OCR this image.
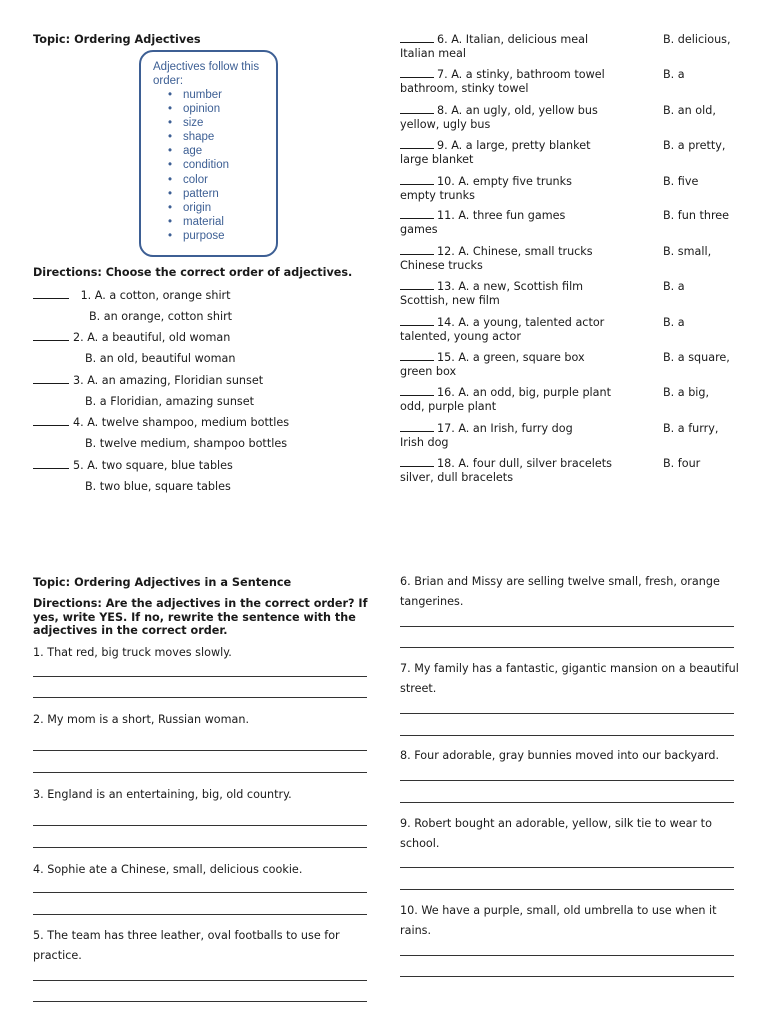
Topic: Ordering Adjectives
Adjectives follow this order:
• number
• opinion
• size
• shape
• age
• condition
• color
• pattern
• origin
• material
• purpose
Directions: Choose the correct order of adjectives.
1. A. a cotton, orange shirt
B. an orange, cotton shirt
2. A. a beautiful, old woman
B. an old, beautiful woman
3. A. an amazing, Floridian sunset
B. a Floridian, amazing sunset
4. A. twelve shampoo, medium bottles
B. twelve medium, shampoo bottles
5. A. two square, blue tables
B. two blue, square tables
6. A. Italian, delicious meal
Italian meal
B. delicious,
7. A. a stinky, bathroom towel
bathroom, stinky towel
B. a
8. A. an ugly, old, yellow bus
yellow, ugly bus
B. an old,
9. A. a large, pretty blanket
large blanket
B. a pretty,
10. A. empty five trunks
empty trunks
B. five
11. A. three fun games
games
B. fun three
12. A. Chinese, small trucks
Chinese trucks
B. small,
13. A. a new, Scottish film
Scottish, new film
B. a
14. A. a young, talented actor
talented, young actor
B. a
15. A. a green, square box
green box
B. a square,
16. A. an odd, big, purple plant
odd, purple plant
B. a big,
17. A. an Irish, furry dog
Irish dog
B. a furry,
18. A. four dull, silver bracelets
silver, dull bracelets
B. four
Topic: Ordering Adjectives in a Sentence
Directions: Are the adjectives in the correct order? If yes, write YES. If no, rewrite the sentence with the adjectives in the correct order.
1. That red, big truck moves slowly.
2. My mom is a short, Russian woman.
3. England is an entertaining, big, old country.
4. Sophie ate a Chinese, small, delicious cookie.
5. The team has three leather, oval footballs to use for practice.
6. Brian and Missy are selling twelve small, fresh, orange tangerines.
7. My family has a fantastic, gigantic mansion on a beautiful street.
8. Four adorable, gray bunnies moved into our backyard.
9. Robert bought an adorable, yellow, silk tie to wear to school.
10. We have a purple, small, old umbrella to use when it rains.
